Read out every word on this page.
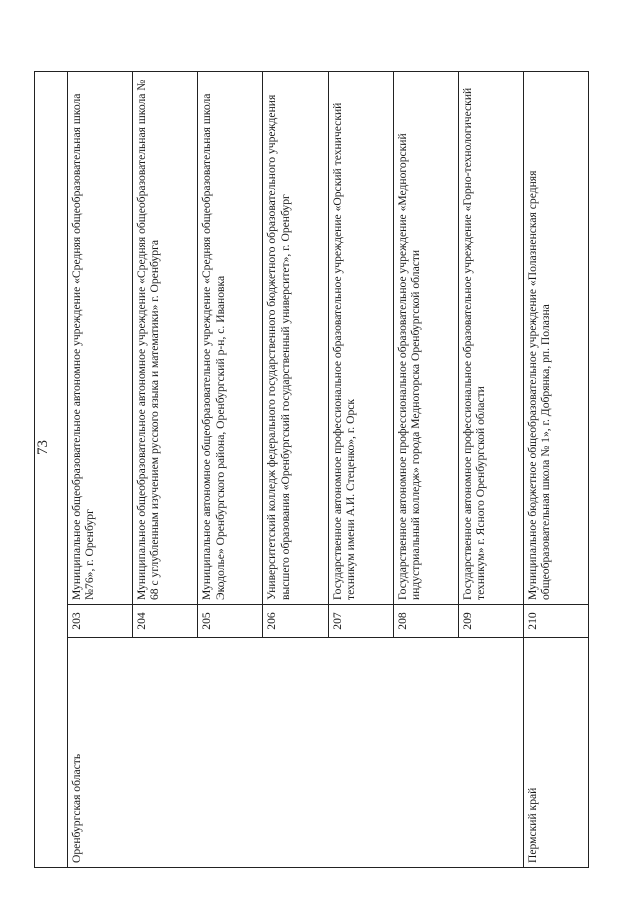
73

Оренбургская область	203	Муниципальное общеобразовательное автономное учреждение «Средняя общеобразовательная школа №76», г. Оренбург
	204	Муниципальное общеобразовательное автономное учреждение «Средняя общеобразовательная школа № 68 с углубленным изучением русского языка и математики» г. Оренбурга
	205	Муниципальное автономное общеобразовательное учреждение «Средняя общеобразовательная школа Экодолье» Оренбургского района, Оренбургский р-н, с. Ивановка
	206	Университетский колледж федерального государственного бюджетного образовательного учреждения высшего образования «Оренбургский государственный университет», г. Оренбург
	207	Государственное автономное профессиональное образовательное учреждение «Орский технический техникум имени А.И. Стеценко», г. Орск
	208	Государственное автономное профессиональное образовательное учреждение «Медногорский индустриальный колледж» города Медногорска Оренбургской области
	209	Государственное автономное профессиональное образовательное учреждение «Горно-технологический техникум» г. Ясного Оренбургской области
Пермский край	210	Муниципальное бюджетное общеобразовательное учреждение «Полазненская средняя общеобразовательная школа № 1», г. Добрянка, рп. Полазна
